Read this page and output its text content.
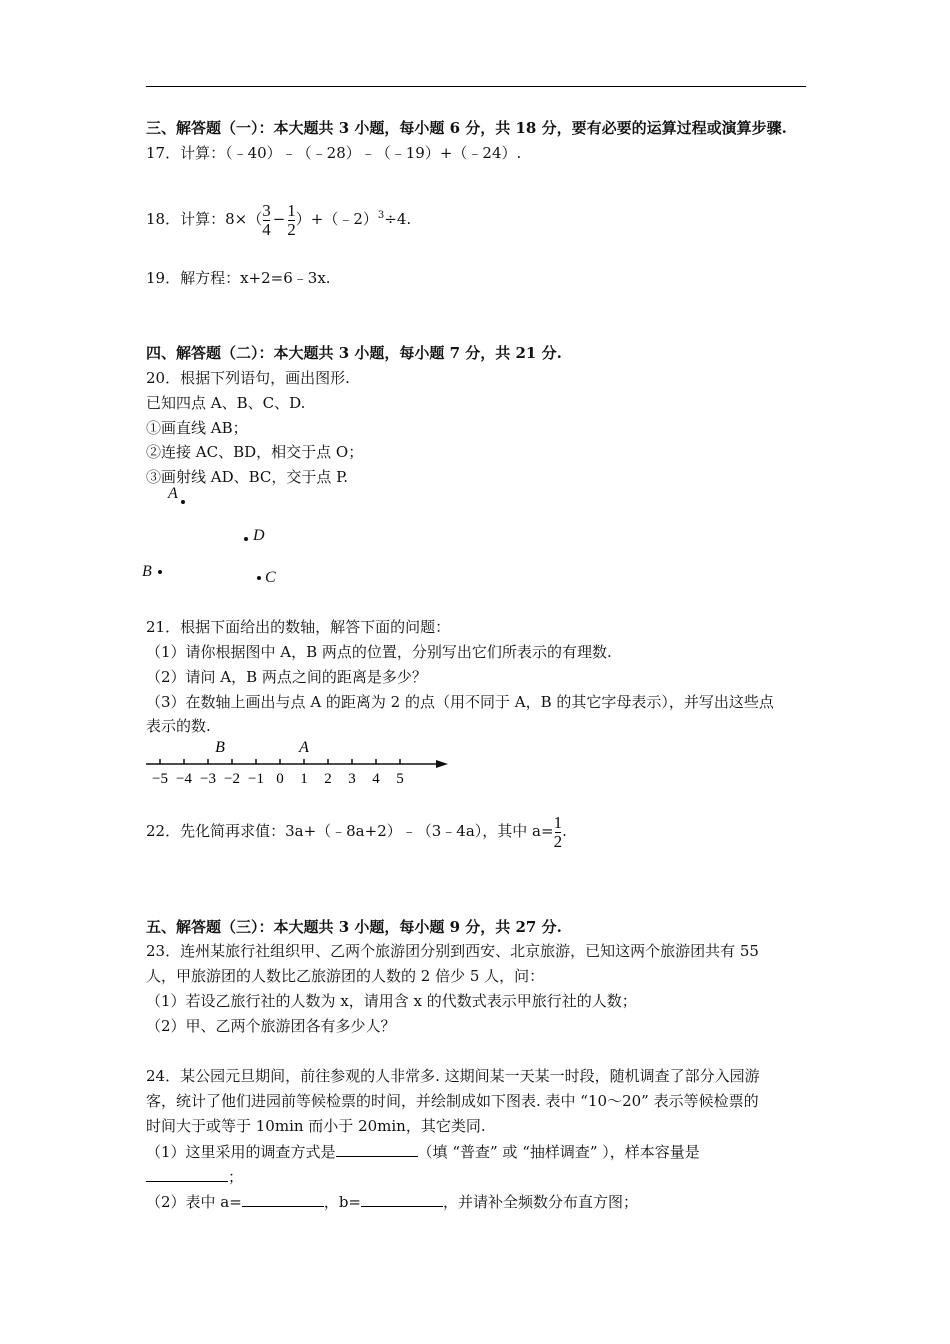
三、解答题（一）：本大题共 3 小题，每小题 6 分，共 18 分，要有必要的运算过程或演算步骤.
17．计算：（﹣40）﹣（﹣28）﹣（﹣19）+（﹣24）.
18．计算：$8\times( \frac{3}{4} - \frac{1}{2}$ ）+（﹣2）$^3$÷4.
19．解方程：x+2=6﹣3x.
四、解答题（二）：本大题共 3 小题，每小题 7 分，共 21 分.
20．根据下列语句，画出图形.
已知四点 A、B、C、D.
①画直线 AB；
②连接 AC、BD，相交于点 O；
③画射线 AD、BC，交于点 P.
A
D
B	C
21．根据下面给出的数轴，解答下面的问题：
（1）请你根据图中 A，B 两点的位置，分别写出它们所表示的有理数.
（2）请问 A，B 两点之间的距离是多少？
（3）在数轴上画出与点 A 的距离为 2 的点（用不同于 A，B 的其它字母表示），并写出这些点
表示的数.
−5 −4 −3 −2 −1 0 1 2 3 4 5
B	A
22．先化简再求值：3a+（﹣8a+2）﹣（3﹣4a），其中 $a= \frac{1}{2}$ .
五、解答题（三）：本大题共 3 小题，每小题 9 分，共 27 分.
23．连州某旅行社组织甲、乙两个旅游团分别到西安、北京旅游，已知这两个旅游团共有 55
人，甲旅游团的人数比乙旅游团的人数的 2 倍少 5 人，问：
（1）若设乙旅行社的人数为 x，请用含 x 的代数式表示甲旅行社的人数；
（2）甲、乙两个旅游团各有多少人？
24．某公园元旦期间，前往参观的人非常多. 这期间某一天某一时段，随机调查了部分入园游
客，统计了他们进园前等候检票的时间，并绘制成如下图表. 表中 “10～20” 表示等候检票的
时间大于或等于 10min 而小于 20min，其它类同.
（1）这里采用的调查方式是	（填 “普查” 或 “抽样调查” ），样本容量是
；
（2）表中 a=	，b=	，并请补全频数分布直方图；
